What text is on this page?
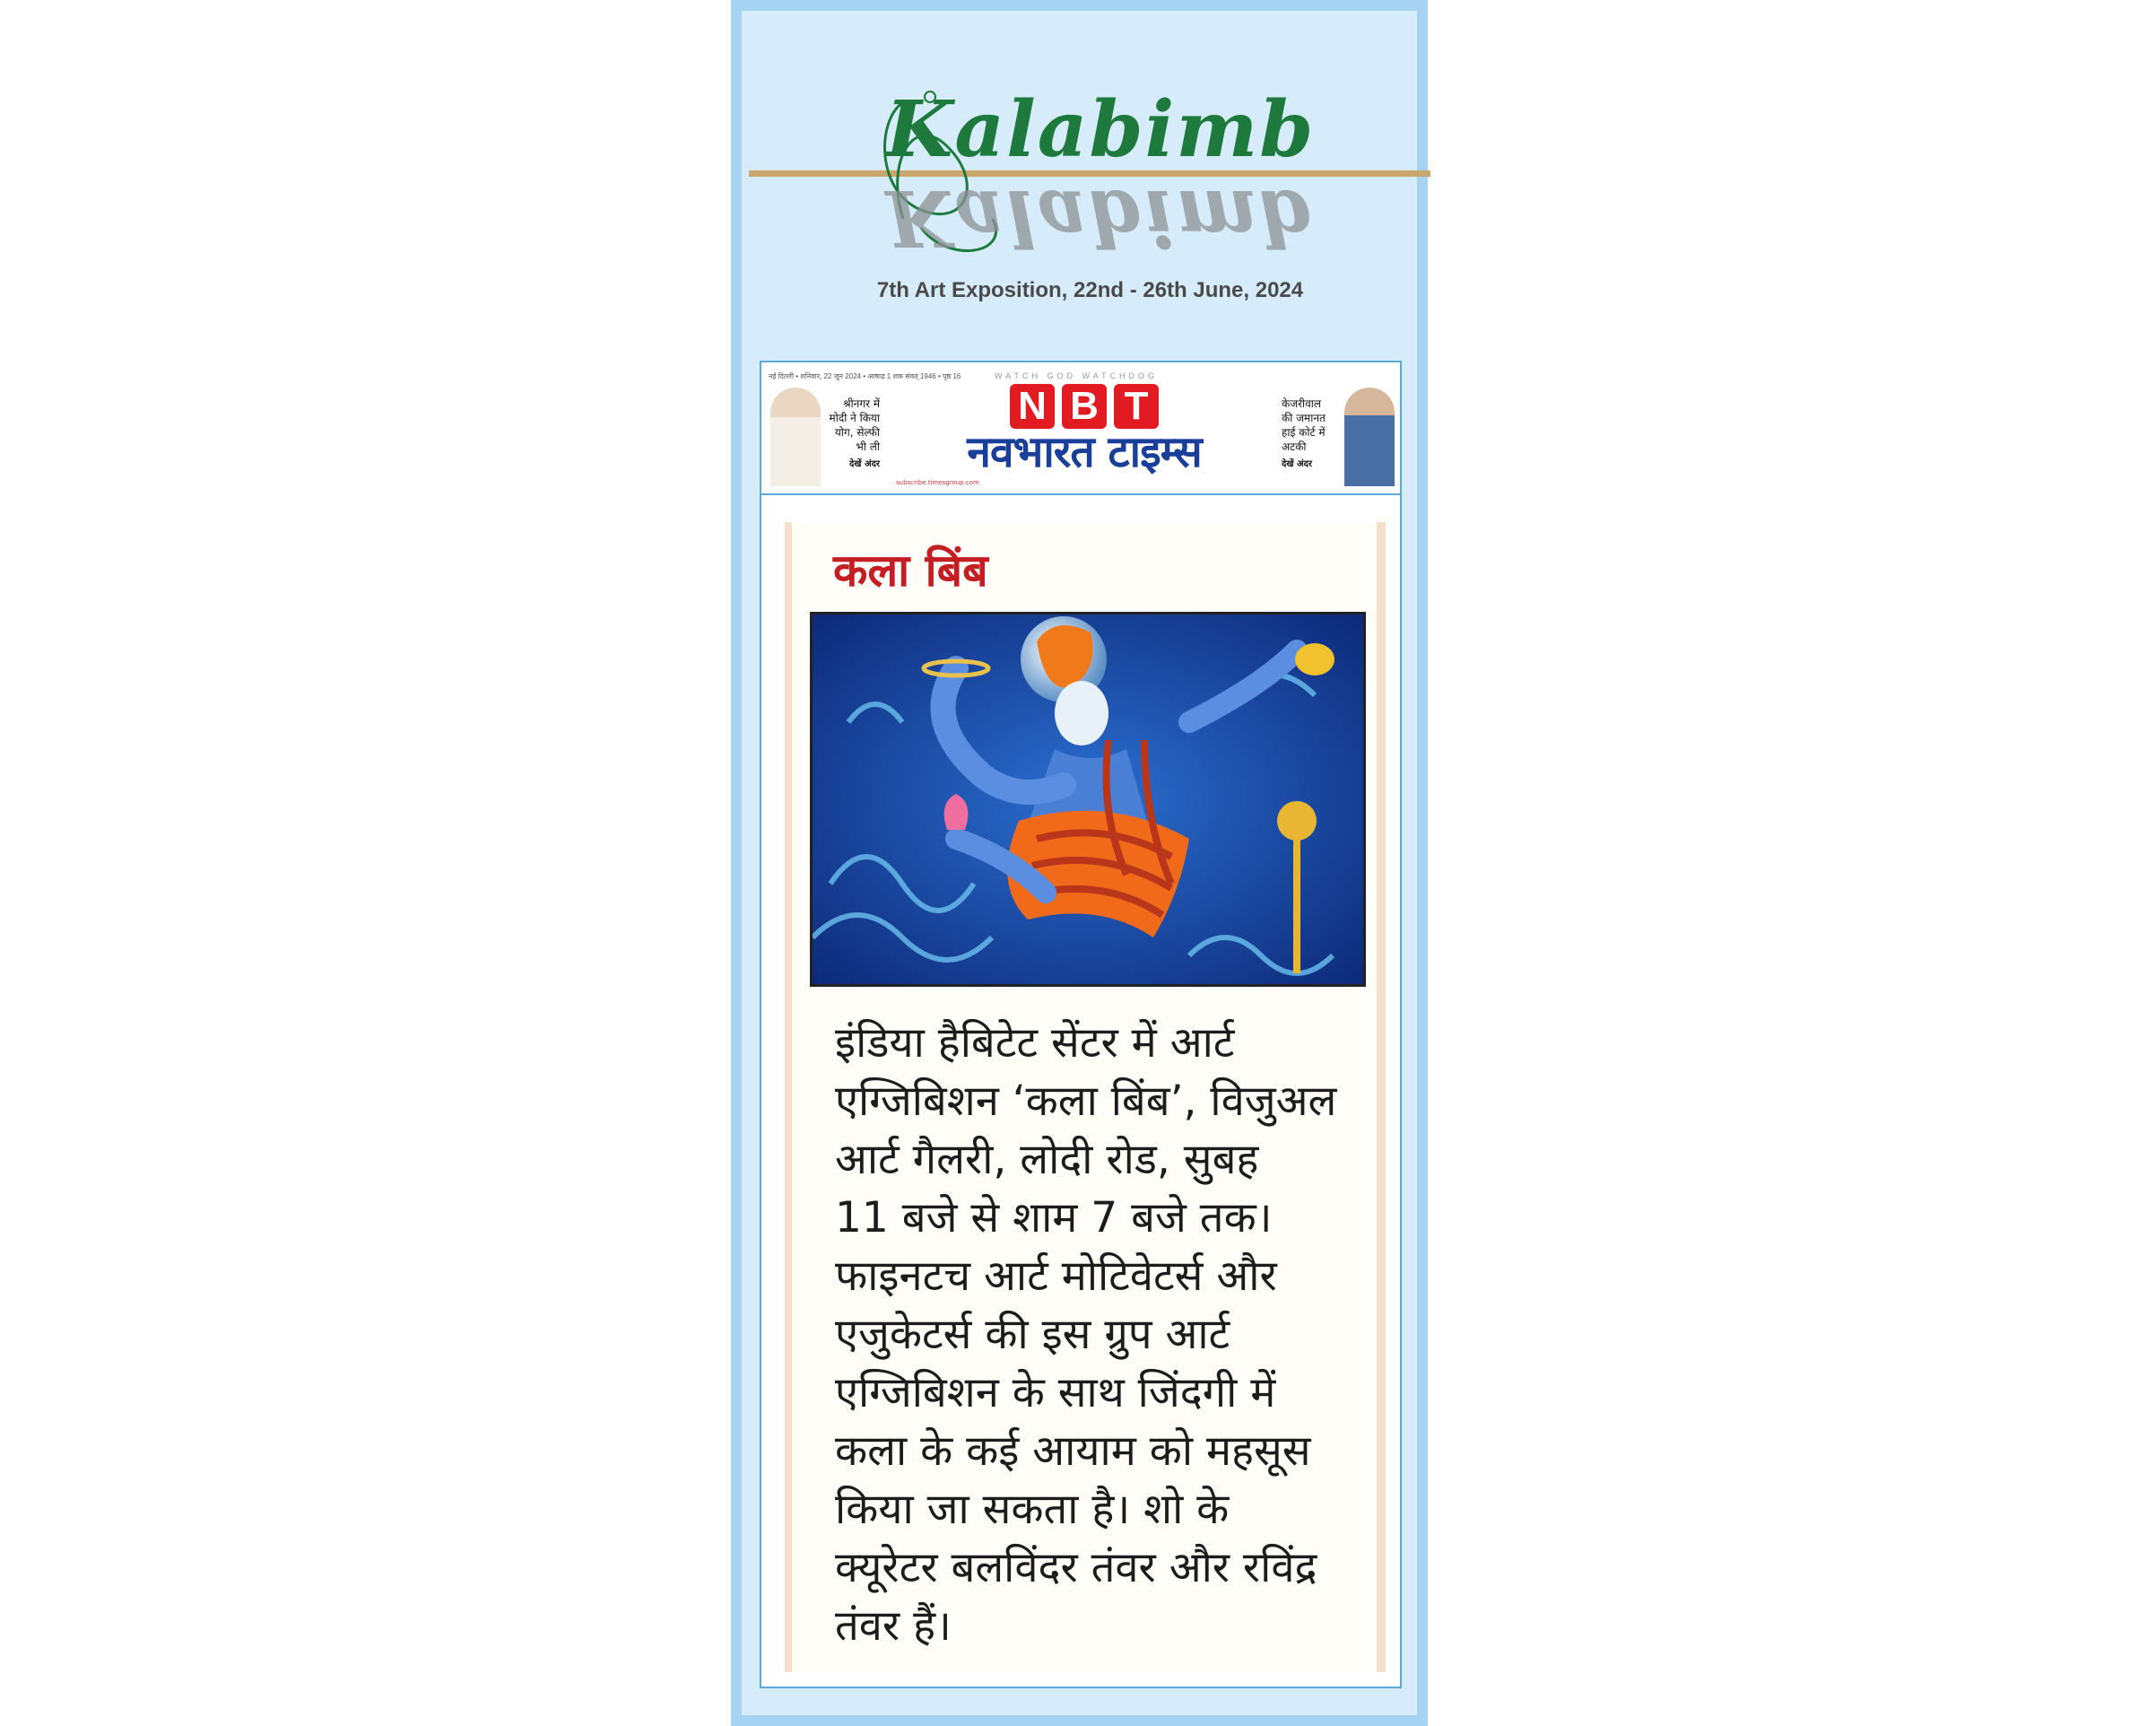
Kalabimb
Kalabimb
7th Art Exposition, 22nd - 26th June, 2024
नई दिल्ली • शनिवार, 22 जून 2024 • आषाढ़ 1 शक संवत् 1946 • पृष्ठ 16	WATCH GOD WATCHDOG
श्रीनगर में
मोदी ने किया
योग, सेल्फी
भी ली
देखें अंदर
N B T
नवभारत टाइम्स
केजरीवाल
की जमानत
हाई कोर्ट में
अटकी
देखें अंदर
subscribe.timesgroup.com
कला बिंब
इंडिया हैबिटेट सेंटर में आर्ट
एग्जिबिशन ‘कला बिंब’, विजुअल
आर्ट गैलरी, लोदी रोड, सुबह
11 बजे से शाम 7 बजे तक।
फाइनटच आर्ट मोटिवेटर्स और
एजुकेटर्स की इस ग्रुप आर्ट
एग्जिबिशन के साथ जिंदगी में
कला के कई आयाम को महसूस
किया जा सकता है। शो के
क्यूरेटर बलविंदर तंवर और रविंद्र
तंवर हैं।
